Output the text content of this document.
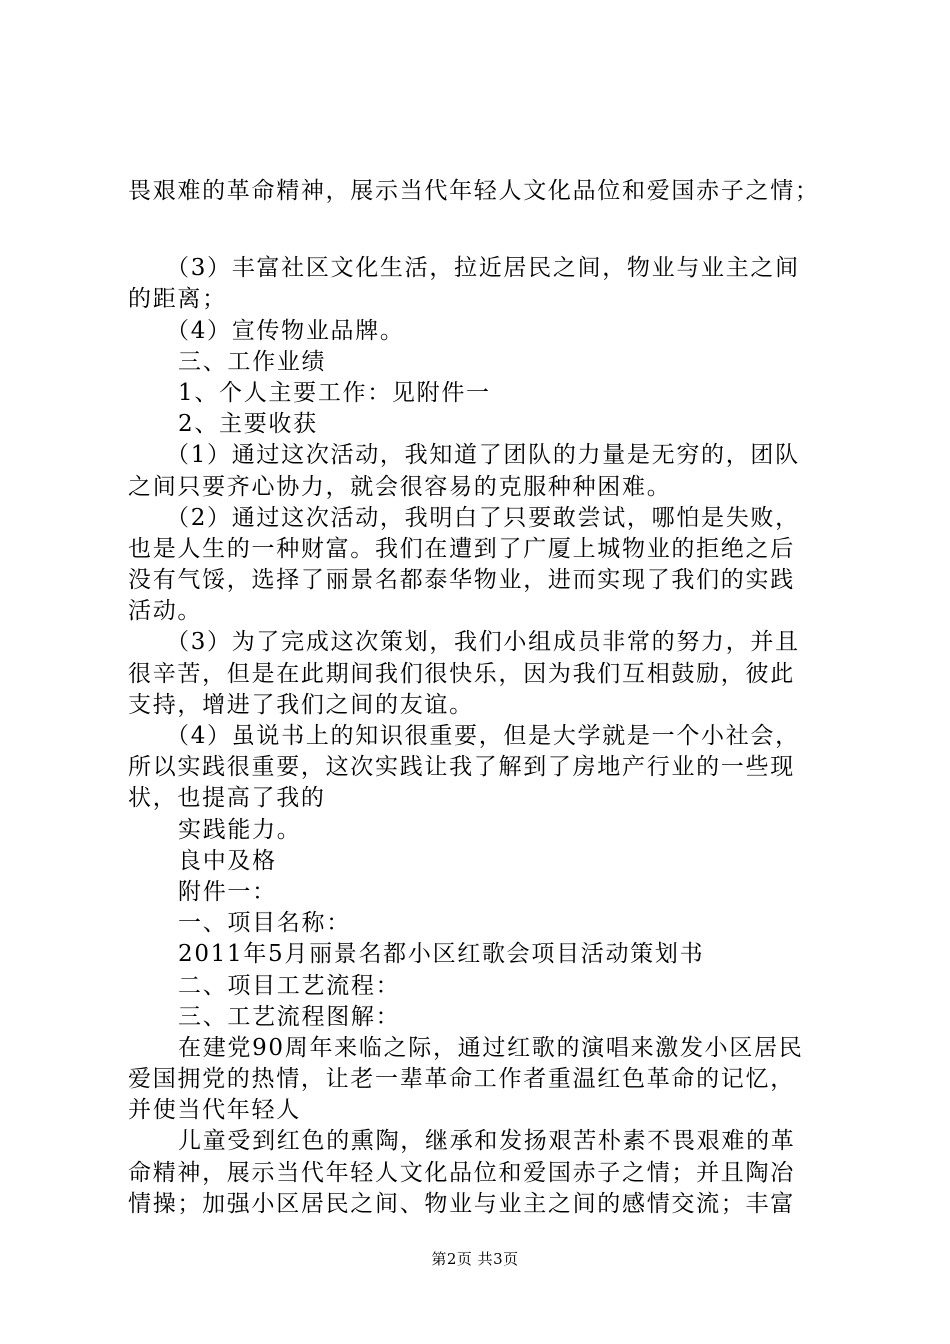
畏艰难的革命精神，展示当代年轻人文化品位和爱国赤子之情；
（3）丰富社区文化生活，拉近居民之间，物业与业主之间
的距离；
（4）宣传物业品牌。
三、工作业绩
1、个人主要工作：见附件一
2、主要收获
（1）通过这次活动，我知道了团队的力量是无穷的，团队
之间只要齐心协力，就会很容易的克服种种困难。
（2）通过这次活动，我明白了只要敢尝试，哪怕是失败，
也是人生的一种财富。我们在遭到了广厦上城物业的拒绝之后
没有气馁，选择了丽景名都泰华物业，进而实现了我们的实践
活动。
（3）为了完成这次策划，我们小组成员非常的努力，并且
很辛苦，但是在此期间我们很快乐，因为我们互相鼓励，彼此
支持，增进了我们之间的友谊。
（4）虽说书上的知识很重要，但是大学就是一个小社会，
所以实践很重要，这次实践让我了解到了房地产行业的一些现
状，也提高了我的
实践能力。
良中及格
附件一：
一、项目名称：
2011年5月丽景名都小区红歌会项目活动策划书
二、项目工艺流程：
三、工艺流程图解：
在建党90周年来临之际，通过红歌的演唱来激发小区居民
爱国拥党的热情，让老一辈革命工作者重温红色革命的记忆，
并使当代年轻人
儿童受到红色的熏陶，继承和发扬艰苦朴素不畏艰难的革
命精神，展示当代年轻人文化品位和爱国赤子之情；并且陶冶
情操；加强小区居民之间、物业与业主之间的感情交流；丰富
第2页 共3页
